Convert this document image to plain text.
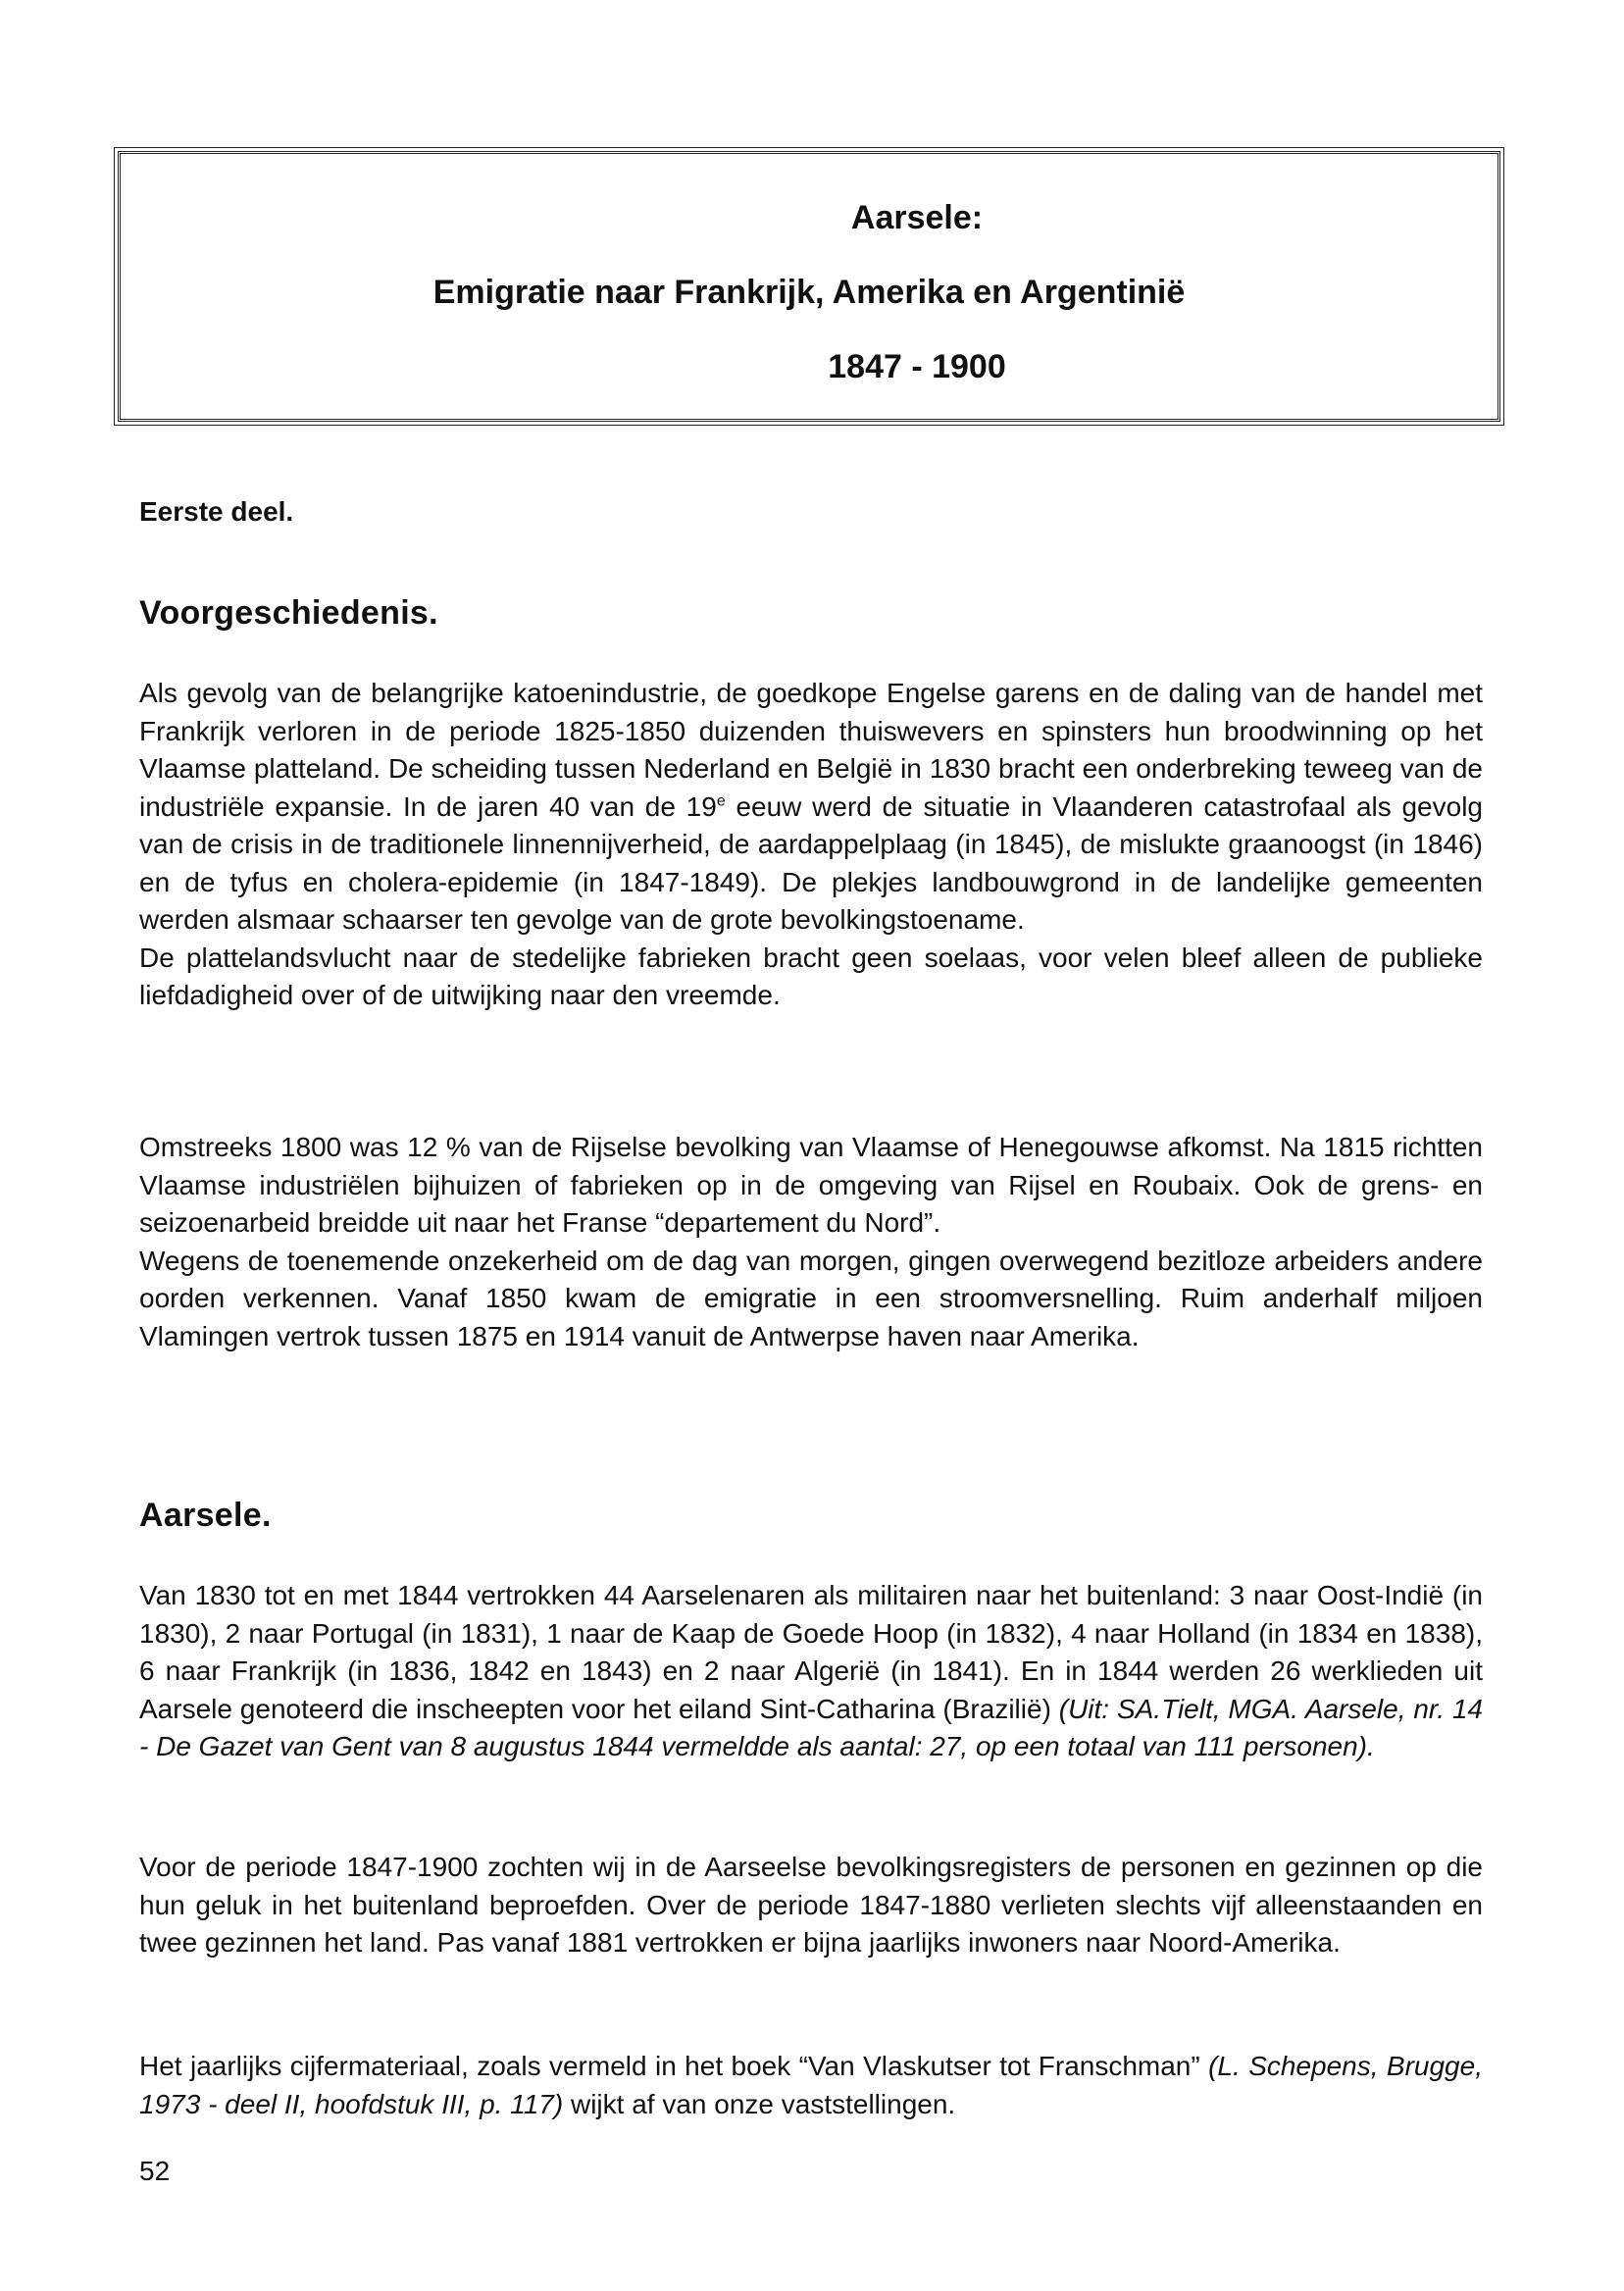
Aarsele:
Emigratie naar Frankrijk, Amerika en Argentinië
1847 - 1900
Eerste deel.
Voorgeschiedenis.

Als gevolg van de belangrijke katoenindustrie, de goedkope Engelse garens en de daling van de handel met Frankrijk verloren in de periode 1825-1850 duizenden thuiswevers en spinsters hun broodwinning op het Vlaamse platteland. De scheiding tussen Nederland en België in 1830 bracht een onderbreking teweeg van de industriële expansie. In de jaren 40 van de 19e eeuw werd de situatie in Vlaanderen catastrofaal als gevolg van de crisis in de traditionele linnennijverheid, de aardappelplaag (in 1845), de mislukte graanoogst (in 1846) en de tyfus en cholera-epidemie (in 1847-1849). De plekjes landbouwgrond in de landelijke gemeenten werden alsmaar schaarser ten gevolge van de grote bevolkingstoename.

De plattelandsvlucht naar de stedelijke fabrieken bracht geen soelaas, voor velen bleef alleen de publieke liefdadigheid over of de uitwijking naar den vreemde.

Omstreeks 1800 was 12 % van de Rijselse bevolking van Vlaamse of Henegouwse afkomst. Na 1815 richtten Vlaamse industriëlen bijhuizen of fabrieken op in de omgeving van Rijsel en Roubaix. Ook de grens- en seizoenarbeid breidde uit naar het Franse “departement du Nord”.

Wegens de toenemende onzekerheid om de dag van morgen, gingen overwegend bezitloze arbeiders andere oorden verkennen. Vanaf 1850 kwam de emigratie in een stroomversnelling. Ruim anderhalf miljoen Vlamingen vertrok tussen 1875 en 1914 vanuit de Antwerpse haven naar Amerika.

Aarsele.

Van 1830 tot en met 1844 vertrokken 44 Aarselenaren als militairen naar het buitenland: 3 naar Oost-Indië (in 1830), 2 naar Portugal (in 1831), 1 naar de Kaap de Goede Hoop (in 1832), 4 naar Holland (in 1834 en 1838), 6 naar Frankrijk (in 1836, 1842 en 1843) en 2 naar Algerië (in 1841). En in 1844 werden 26 werklieden uit Aarsele genoteerd die inscheepten voor het eiland Sint-Catharina (Brazilië) (Uit: SA.Tielt, MGA. Aarsele, nr. 14 - De Gazet van Gent van 8 augustus 1844 vermeldde als aantal: 27, op een totaal van 111 personen).

Voor de periode 1847-1900 zochten wij in de Aarseelse bevolkingsregisters de personen en gezinnen op die hun geluk in het buitenland beproefden. Over de periode 1847-1880 verlieten slechts vijf alleenstaanden en twee gezinnen het land. Pas vanaf 1881 vertrokken er bijna jaarlijks inwoners naar Noord-Amerika.

Het jaarlijks cijfermateriaal, zoals vermeld in het boek “Van Vlaskutser tot Franschman” (L. Schepens, Brugge, 1973 - deel II, hoofdstuk III, p. 117) wijkt af van onze vaststellingen.

52
